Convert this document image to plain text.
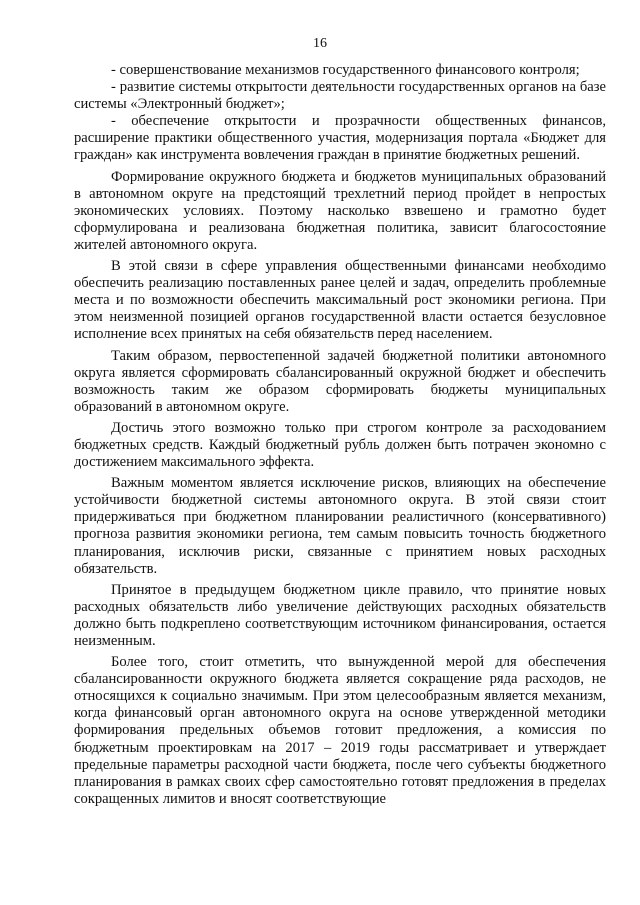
16

- совершенствование механизмов государственного финансового контроля;

- развитие системы открытости деятельности государственных органов на базе системы «Электронный бюджет»;

- обеспечение открытости и прозрачности общественных финансов, расширение практики общественного участия, модернизация портала «Бюджет для граждан» как инструмента вовлечения граждан в принятие бюджетных решений.

Формирование окружного бюджета и бюджетов муниципальных образований в автономном округе на предстоящий трехлетний период пройдет в непростых экономических условиях. Поэтому насколько взвешено и грамотно будет сформулирована и реализована бюджетная политика, зависит благосостояние жителей автономного округа.

В этой связи в сфере управления общественными финансами необходимо обеспечить реализацию поставленных ранее целей и задач, определить проблемные места и по возможности обеспечить максимальный рост экономики региона. При этом неизменной позицией органов государственной власти остается безусловное исполнение всех принятых на себя обязательств перед населением.

Таким образом, первостепенной задачей бюджетной политики автономного округа является сформировать сбалансированный окружной бюджет и обеспечить возможность таким же образом сформировать бюджеты муниципальных образований в автономном округе.

Достичь этого возможно только при строгом контроле за расходованием бюджетных средств. Каждый бюджетный рубль должен быть потрачен экономно с достижением максимального эффекта.

Важным моментом является исключение рисков, влияющих на обеспечение устойчивости бюджетной системы автономного округа. В этой связи стоит придерживаться при бюджетном планировании реалистичного (консервативного) прогноза развития экономики региона, тем самым повысить точность бюджетного планирования, исключив риски, связанные с принятием новых расходных обязательств.

Принятое в предыдущем бюджетном цикле правило, что принятие новых расходных обязательств либо увеличение действующих расходных обязательств должно быть подкреплено соответствующим источником финансирования, остается неизменным.

Более того, стоит отметить, что вынужденной мерой для обеспечения сбалансированности окружного бюджета является сокращение ряда расходов, не относящихся к социально значимым. При этом целесообразным является механизм, когда финансовый орган автономного округа на основе утвержденной методики формирования предельных объемов готовит предложения, а комиссия по бюджетным проектировкам на 2017 – 2019 годы рассматривает и утверждает предельные параметры расходной части бюджета, после чего субъекты бюджетного планирования в рамках своих сфер самостоятельно готовят предложения в пределах сокращенных лимитов и вносят соответствующие
